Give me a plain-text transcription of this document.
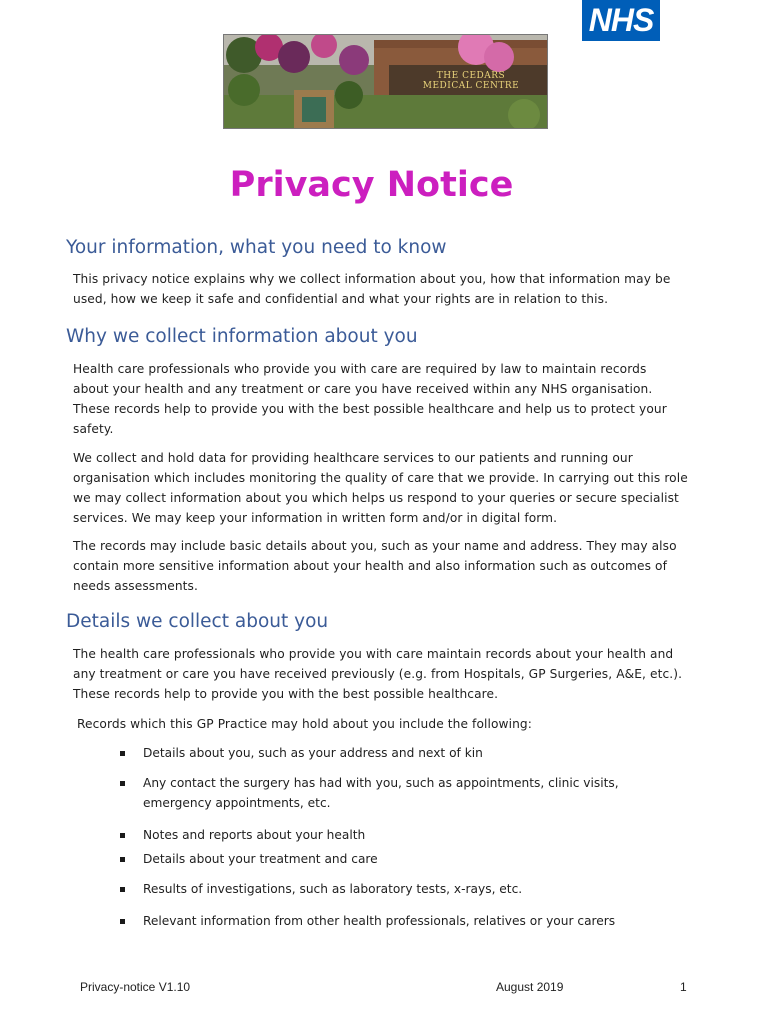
NHS
THE CEDARS
MEDICAL CENTRE
Privacy Notice
Your information, what you need to know
This privacy notice explains why we collect information about you, how that information may be
used, how we keep it safe and confidential and what your rights are in relation to this.
Why we collect information about you
Health care professionals who provide you with care are required by law to maintain records
about your health and any treatment or care you have received within any NHS organisation.
These records help to provide you with the best possible healthcare and help us to protect your
safety.
We collect and hold data for providing healthcare services to our patients and running our
organisation which includes monitoring the quality of care that we provide. In carrying out this role
we may collect information about you which helps us respond to your queries or secure specialist
services. We may keep your information in written form and/or in digital form.
The records may include basic details about you, such as your name and address. They may also
contain more sensitive information about your health and also information such as outcomes of
needs assessments.
Details we collect about you
The health care professionals who provide you with care maintain records about your health and
any treatment or care you have received previously (e.g. from Hospitals, GP Surgeries, A&E, etc.).
These records help to provide you with the best possible healthcare.
Records which this GP Practice may hold about you include the following:
Details about you, such as your address and next of kin
Any contact the surgery has had with you, such as appointments, clinic visits,
emergency appointments, etc.
Notes and reports about your health
Details about your treatment and care
Results of investigations, such as laboratory tests, x-rays, etc.
Relevant information from other health professionals, relatives or your carers
Privacy-notice V1.10	August 2019	1
